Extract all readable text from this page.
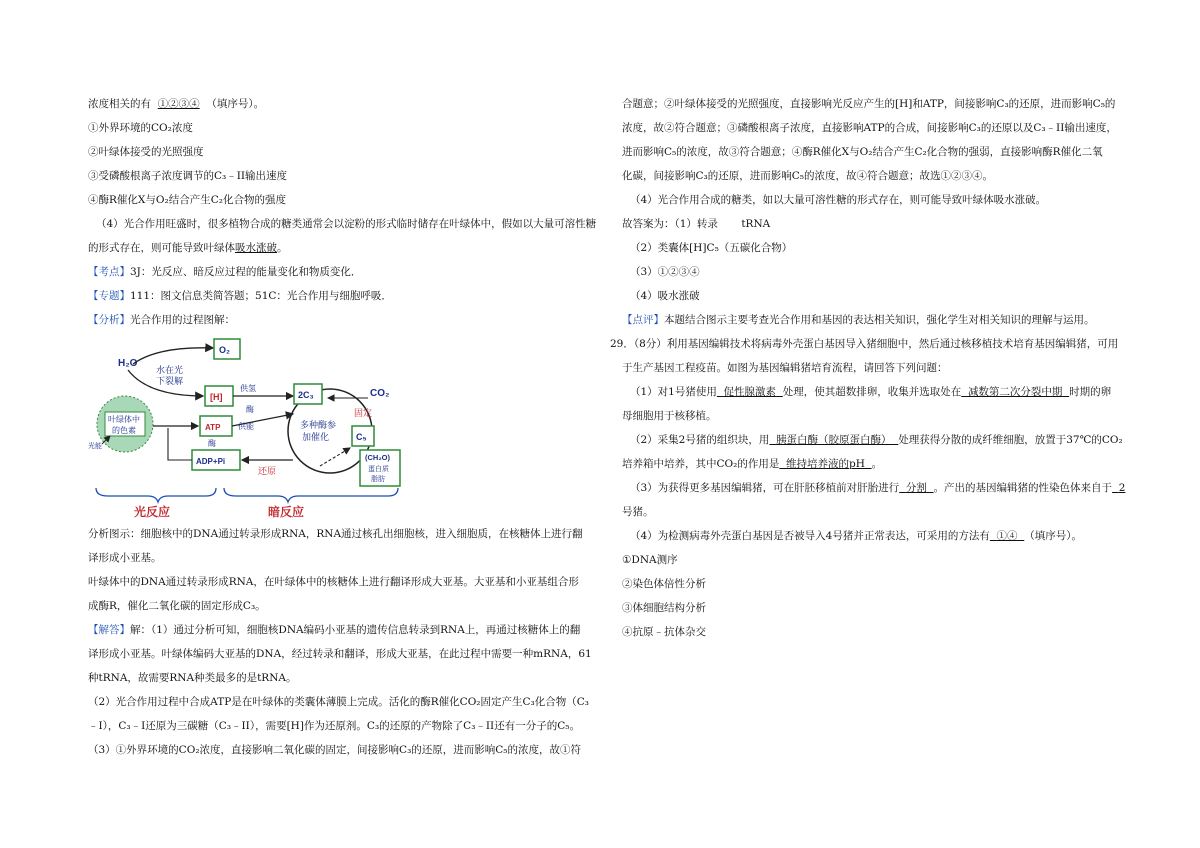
浓度相关的有 ①②③④ （填序号）。

①外界环境的CO₂浓度

②叶绿体接受的光照强度

③受磷酸根离子浓度调节的C₃﹣II输出速度

④酶R催化X与O₂结合产生C₂化合物的强度

（4）光合作用旺盛时，很多植物合成的糖类通常会以淀粉的形式临时储存在叶绿体中，假如以大量可溶性糖

的形式存在，则可能导致叶绿体吸水涨破。

【考点】3J：光反应、暗反应过程的能量变化和物质变化．

【专题】111：图文信息类简答题；51C：光合作用与细胞呼吸．

【分析】光合作用的过程图解：

H₂O
O₂
水在光
下裂解
[H]
供氢
酶
叶绿体中
的色素
光能
ATP
酶
供能
ADP+Pi
2C₃	CO₂
固定
多种酶参
加催化	C₅
还原
(CH₂O)
蛋白质
脂肪
光反应	暗反应

分析图示：细胞核中的DNA通过转录形成RNA，RNA通过核孔出细胞核，进入细胞质，在核糖体上进行翻

译形成小亚基。

叶绿体中的DNA通过转录形成RNA，在叶绿体中的核糖体上进行翻译形成大亚基。大亚基和小亚基组合形

成酶R，催化二氧化碳的固定形成C₃。

【解答】解：（1）通过分析可知，细胞核DNA编码小亚基的遗传信息转录到RNA上，再通过核糖体上的翻

译形成小亚基。叶绿体编码大亚基的DNA，经过转录和翻译，形成大亚基，在此过程中需要一种mRNA，61

种tRNA，故需要RNA种类最多的是tRNA。

（2）光合作用过程中合成ATP是在叶绿体的类囊体薄膜上完成。活化的酶R催化CO₂固定产生C₃化合物（C₃

﹣I），C₃﹣I还原为三碳糖（C₃﹣II），需要[H]作为还原剂。C₃的还原的产物除了C₃﹣II还有一分子的C₅。

（3）①外界环境的CO₂浓度，直接影响二氧化碳的固定，间接影响C₃的还原，进而影响C₅的浓度，故①符

合题意；②叶绿体接受的光照强度，直接影响光反应产生的[H]和ATP，间接影响C₃的还原，进而影响C₅的

浓度，故②符合题意；③磷酸根离子浓度，直接影响ATP的合成，间接影响C₃的还原以及C₃﹣II输出速度，

进而影响C₅的浓度，故③符合题意；④酶R催化X与O₂结合产生C₂化合物的强弱，直接影响酶R催化二氧

化碳，间接影响C₃的还原，进而影响C₅的浓度，故④符合题意；故选①②③④。

（4）光合作用合成的糖类，如以大量可溶性糖的形式存在，则可能导致叶绿体吸水涨破。

故答案为：（1）转录 tRNA

（2）类囊体[H]C₅（五碳化合物）

（3）①②③④

（4）吸水涨破

【点评】本题结合图示主要考查光合作用和基因的表达相关知识，强化学生对相关知识的理解与运用。

29．（8分）利用基因编辑技术将病毒外壳蛋白基因导入猪细胞中，然后通过核移植技术培育基因编辑猪，可用

于生产基因工程疫苗。如图为基因编辑猪培育流程，请回答下列问题：

（1）对1号猪使用 促性腺激素 处理，使其超数排卵，收集并选取处在 减数第二次分裂中期 时期的卵

母细胞用于核移植。

（2）采集2号猪的组织块，用 胰蛋白酶（胶原蛋白酶） 处理获得分散的成纤维细胞，放置于37℃的CO₂

培养箱中培养，其中CO₂的作用是 维持培养液的pH 。

（3）为获得更多基因编辑猪，可在肝胚移植前对肝胎进行 分割 。产出的基因编辑猪的性染色体来自于 2

号猪。

（4）为检测病毒外壳蛋白基因是否被导入4号猪并正常表达，可采用的方法有 ①④ （填序号）。

①DNA测序

②染色体倍性分析

③体细胞结构分析

④抗原﹣抗体杂交
